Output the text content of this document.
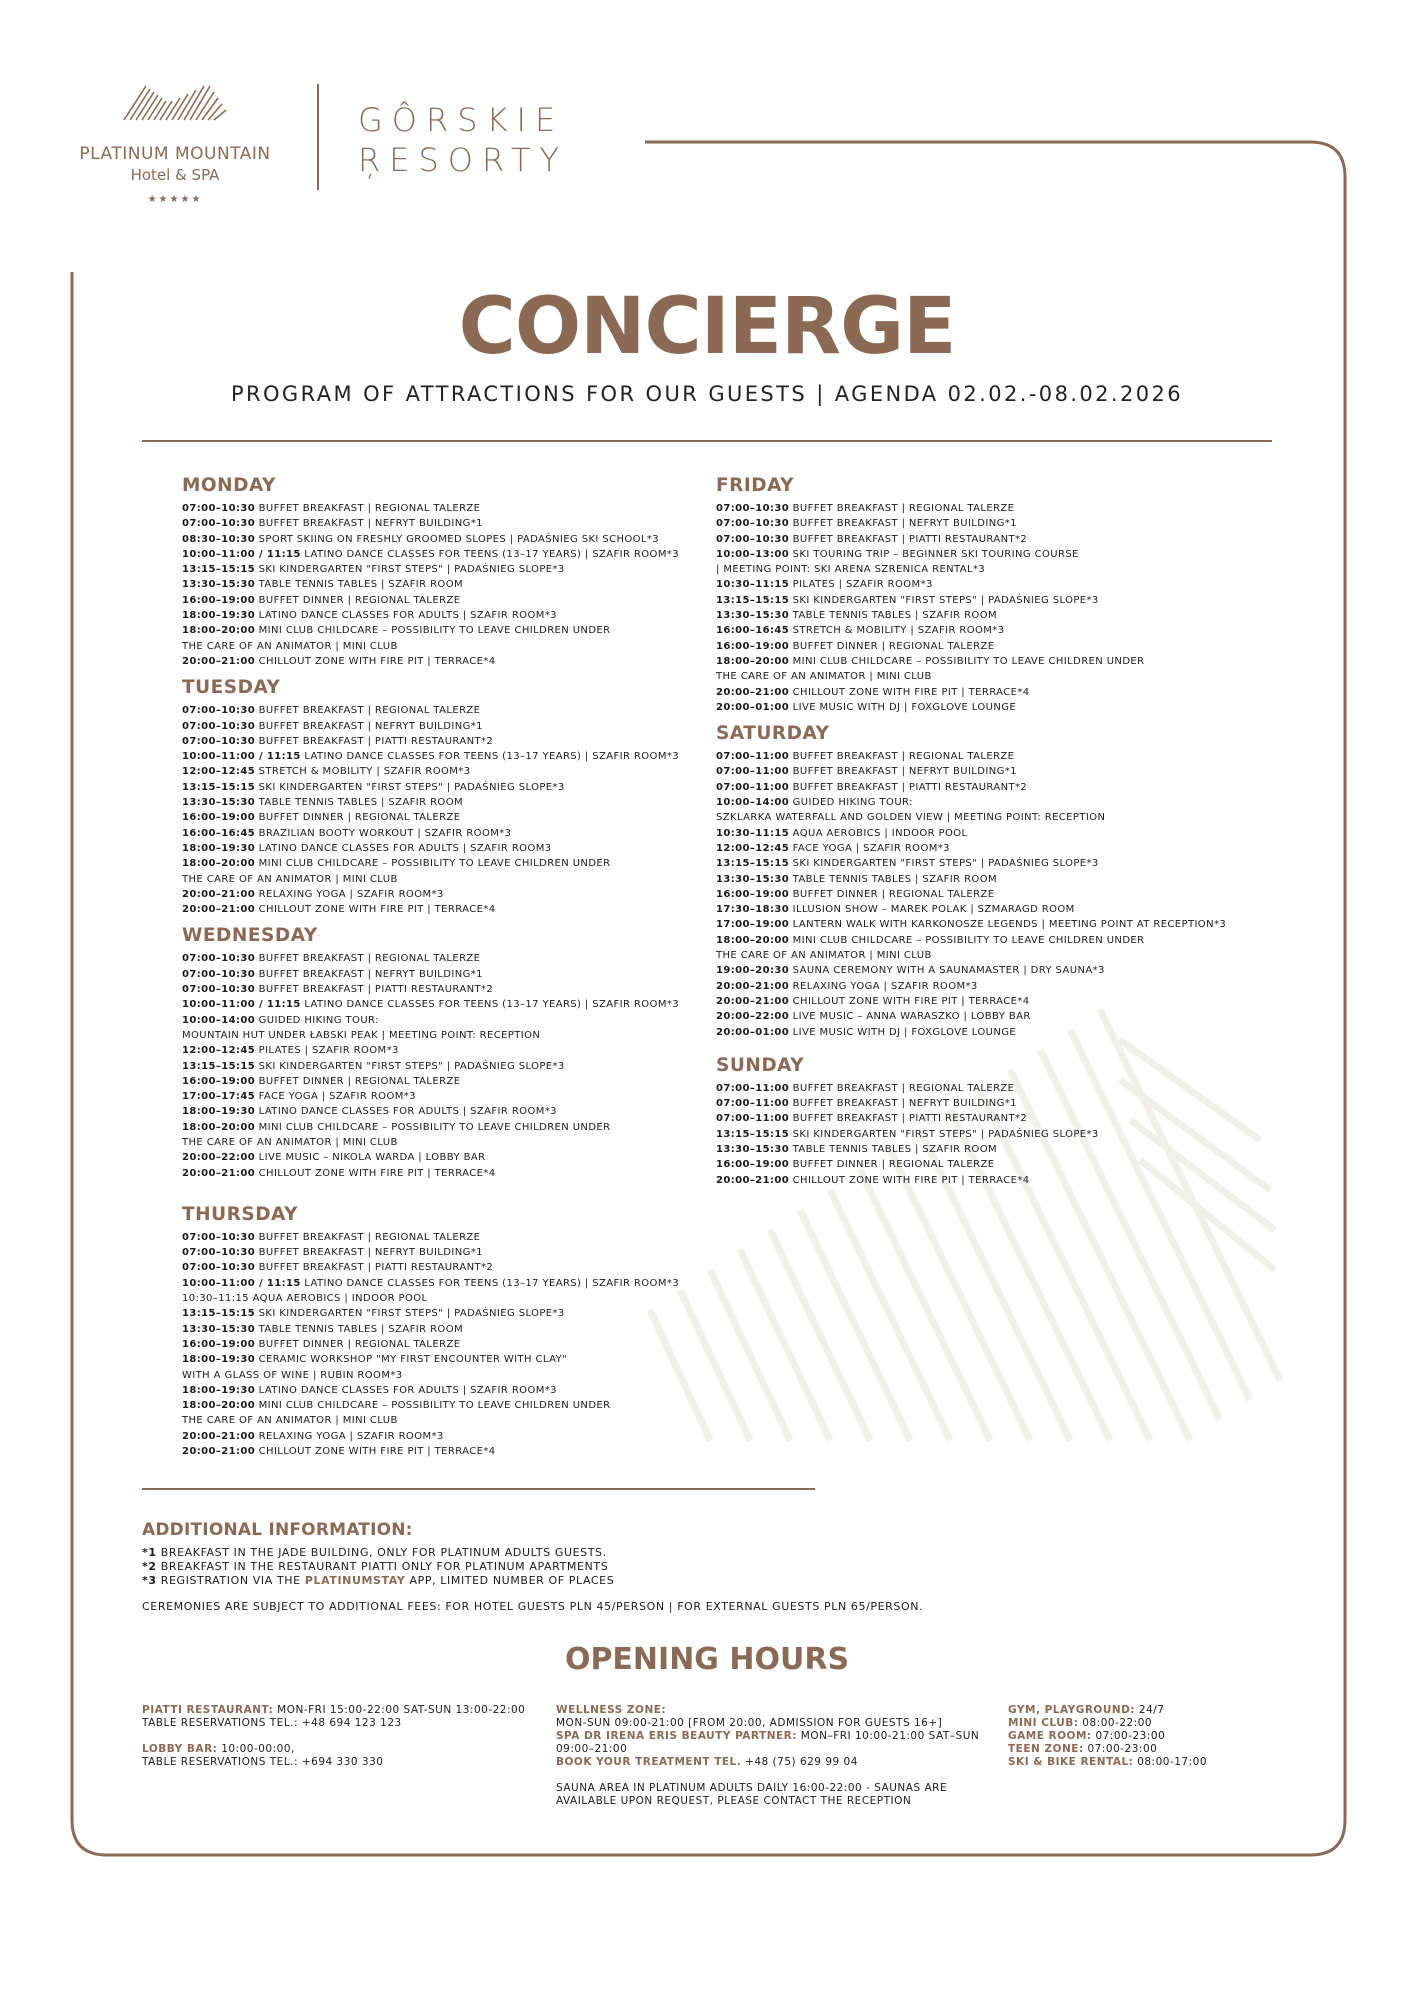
PLATINUM MOUNTAIN
Hotel & SPA
★★★★★
GÔRSKIE
ŖESORTY
CONCIERGE
PROGRAM OF ATTRACTIONS FOR OUR GUESTS | AGENDA 02.02.-08.02.2026
MONDAY
07:00–10:30 BUFFET BREAKFAST | REGIONAL TALERZE
07:00–10:30 BUFFET BREAKFAST | NEFRYT BUILDING*1
08:30–10:30 SPORT SKIING ON FRESHLY GROOMED SLOPES | PADAŚNIEG SKI SCHOOL*3
10:00–11:00 / 11:15 LATINO DANCE CLASSES FOR TEENS (13–17 YEARS) | SZAFIR ROOM*3
13:15–15:15 SKI KINDERGARTEN "FIRST STEPS" | PADAŚNIEG SLOPE*3
13:30–15:30 TABLE TENNIS TABLES | SZAFIR ROOM
16:00–19:00 BUFFET DINNER | REGIONAL TALERZE
18:00–19:30 LATINO DANCE CLASSES FOR ADULTS | SZAFIR ROOM*3
18:00–20:00 MINI CLUB CHILDCARE – POSSIBILITY TO LEAVE CHILDREN UNDER
THE CARE OF AN ANIMATOR | MINI CLUB
20:00–21:00 CHILLOUT ZONE WITH FIRE PIT | TERRACE*4
TUESDAY
07:00–10:30 BUFFET BREAKFAST | REGIONAL TALERZE
07:00–10:30 BUFFET BREAKFAST | NEFRYT BUILDING*1
07:00–10:30 BUFFET BREAKFAST | PIATTI RESTAURANT*2
10:00–11:00 / 11:15 LATINO DANCE CLASSES FOR TEENS (13–17 YEARS) | SZAFIR ROOM*3
12:00–12:45 STRETCH & MOBILITY | SZAFIR ROOM*3
13:15–15:15 SKI KINDERGARTEN "FIRST STEPS" | PADAŚNIEG SLOPE*3
13:30–15:30 TABLE TENNIS TABLES | SZAFIR ROOM
16:00–19:00 BUFFET DINNER | REGIONAL TALERZE
16:00–16:45 BRAZILIAN BOOTY WORKOUT | SZAFIR ROOM*3
18:00–19:30 LATINO DANCE CLASSES FOR ADULTS | SZAFIR ROOM3
18:00–20:00 MINI CLUB CHILDCARE – POSSIBILITY TO LEAVE CHILDREN UNDER
THE CARE OF AN ANIMATOR | MINI CLUB
20:00–21:00 RELAXING YOGA | SZAFIR ROOM*3
20:00–21:00 CHILLOUT ZONE WITH FIRE PIT | TERRACE*4
WEDNESDAY
07:00–10:30 BUFFET BREAKFAST | REGIONAL TALERZE
07:00–10:30 BUFFET BREAKFAST | NEFRYT BUILDING*1
07:00–10:30 BUFFET BREAKFAST | PIATTI RESTAURANT*2
10:00–11:00 / 11:15 LATINO DANCE CLASSES FOR TEENS (13–17 YEARS) | SZAFIR ROOM*3
10:00–14:00 GUIDED HIKING TOUR:
MOUNTAIN HUT UNDER ŁABSKI PEAK | MEETING POINT: RECEPTION
12:00–12:45 PILATES | SZAFIR ROOM*3
13:15–15:15 SKI KINDERGARTEN "FIRST STEPS" | PADAŚNIEG SLOPE*3
16:00–19:00 BUFFET DINNER | REGIONAL TALERZE
17:00–17:45 FACE YOGA | SZAFIR ROOM*3
18:00–19:30 LATINO DANCE CLASSES FOR ADULTS | SZAFIR ROOM*3
18:00–20:00 MINI CLUB CHILDCARE – POSSIBILITY TO LEAVE CHILDREN UNDER
THE CARE OF AN ANIMATOR | MINI CLUB
20:00–22:00 LIVE MUSIC – NIKOLA WARDA | LOBBY BAR
20:00–21:00 CHILLOUT ZONE WITH FIRE PIT | TERRACE*4
THURSDAY
07:00–10:30 BUFFET BREAKFAST | REGIONAL TALERZE
07:00–10:30 BUFFET BREAKFAST | NEFRYT BUILDING*1
07:00–10:30 BUFFET BREAKFAST | PIATTI RESTAURANT*2
10:00–11:00 / 11:15 LATINO DANCE CLASSES FOR TEENS (13–17 YEARS) | SZAFIR ROOM*3
10:30–11:15 AQUA AEROBICS | INDOOR POOL
13:15–15:15 SKI KINDERGARTEN "FIRST STEPS" | PADAŚNIEG SLOPE*3
13:30–15:30 TABLE TENNIS TABLES | SZAFIR ROOM
16:00–19:00 BUFFET DINNER | REGIONAL TALERZE
18:00–19:30 CERAMIC WORKSHOP "MY FIRST ENCOUNTER WITH CLAY"
WITH A GLASS OF WINE | RUBIN ROOM*3
18:00–19:30 LATINO DANCE CLASSES FOR ADULTS | SZAFIR ROOM*3
18:00–20:00 MINI CLUB CHILDCARE – POSSIBILITY TO LEAVE CHILDREN UNDER
THE CARE OF AN ANIMATOR | MINI CLUB
20:00–21:00 RELAXING YOGA | SZAFIR ROOM*3
20:00–21:00 CHILLOUT ZONE WITH FIRE PIT | TERRACE*4
FRIDAY
07:00–10:30 BUFFET BREAKFAST | REGIONAL TALERZE
07:00–10:30 BUFFET BREAKFAST | NEFRYT BUILDING*1
07:00–10:30 BUFFET BREAKFAST | PIATTI RESTAURANT*2
10:00–13:00 SKI TOURING TRIP – BEGINNER SKI TOURING COURSE
| MEETING POINT: SKI ARENA SZRENICA RENTAL*3
10:30–11:15 PILATES | SZAFIR ROOM*3
13:15–15:15 SKI KINDERGARTEN "FIRST STEPS" | PADAŚNIEG SLOPE*3
13:30–15:30 TABLE TENNIS TABLES | SZAFIR ROOM
16:00–16:45 STRETCH & MOBILITY | SZAFIR ROOM*3
16:00–19:00 BUFFET DINNER | REGIONAL TALERZE
18:00–20:00 MINI CLUB CHILDCARE – POSSIBILITY TO LEAVE CHILDREN UNDER
THE CARE OF AN ANIMATOR | MINI CLUB
20:00–21:00 CHILLOUT ZONE WITH FIRE PIT | TERRACE*4
20:00–01:00 LIVE MUSIC WITH DJ | FOXGLOVE LOUNGE
SATURDAY
07:00–11:00 BUFFET BREAKFAST | REGIONAL TALERZE
07:00–11:00 BUFFET BREAKFAST | NEFRYT BUILDING*1
07:00–11:00 BUFFET BREAKFAST | PIATTI RESTAURANT*2
10:00–14:00 GUIDED HIKING TOUR:
SZKLARKA WATERFALL AND GOLDEN VIEW | MEETING POINT: RECEPTION
10:30–11:15 AQUA AEROBICS | INDOOR POOL
12:00–12:45 FACE YOGA | SZAFIR ROOM*3
13:15–15:15 SKI KINDERGARTEN "FIRST STEPS" | PADAŚNIEG SLOPE*3
13:30–15:30 TABLE TENNIS TABLES | SZAFIR ROOM
16:00–19:00 BUFFET DINNER | REGIONAL TALERZE
17:30–18:30 ILLUSION SHOW – MAREK POLAK | SZMARAGD ROOM
17:00–19:00 LANTERN WALK WITH KARKONOSZE LEGENDS | MEETING POINT AT RECEPTION*3
18:00–20:00 MINI CLUB CHILDCARE – POSSIBILITY TO LEAVE CHILDREN UNDER
THE CARE OF AN ANIMATOR | MINI CLUB
19:00–20:30 SAUNA CEREMONY WITH A SAUNAMASTER | DRY SAUNA*3
20:00–21:00 RELAXING YOGA | SZAFIR ROOM*3
20:00–21:00 CHILLOUT ZONE WITH FIRE PIT | TERRACE*4
20:00–22:00 LIVE MUSIC – ANNA WARASZKO | LOBBY BAR
20:00–01:00 LIVE MUSIC WITH DJ | FOXGLOVE LOUNGE
SUNDAY
07:00–11:00 BUFFET BREAKFAST | REGIONAL TALERZE
07:00–11:00 BUFFET BREAKFAST | NEFRYT BUILDING*1
07:00–11:00 BUFFET BREAKFAST | PIATTI RESTAURANT*2
13:15–15:15 SKI KINDERGARTEN "FIRST STEPS" | PADAŚNIEG SLOPE*3
13:30–15:30 TABLE TENNIS TABLES | SZAFIR ROOM
16:00–19:00 BUFFET DINNER | REGIONAL TALERZE
20:00–21:00 CHILLOUT ZONE WITH FIRE PIT | TERRACE*4
ADDITIONAL INFORMATION:
*1 BREAKFAST IN THE JADE BUILDING, ONLY FOR PLATINUM ADULTS GUESTS.
*2 BREAKFAST IN THE RESTAURANT PIATTI ONLY FOR PLATINUM APARTMENTS
*3 REGISTRATION VIA THE PLATINUMSTAY APP, LIMITED NUMBER OF PLACES
CEREMONIES ARE SUBJECT TO ADDITIONAL FEES: FOR HOTEL GUESTS PLN 45/PERSON | FOR EXTERNAL GUESTS PLN 65/PERSON.
OPENING HOURS
PIATTI RESTAURANT: MON-FRI 15:00-22:00 SAT-SUN 13:00-22:00
TABLE RESERVATIONS TEL.: +48 694 123 123
LOBBY BAR: 10:00-00:00,
TABLE RESERVATIONS TEL.: +694 330 330
WELLNESS ZONE:
MON-SUN 09:00-21:00 [FROM 20:00, ADMISSION FOR GUESTS 16+]
SPA DR IRENA ERIS BEAUTY PARTNER: MON–FRI 10:00-21:00 SAT–SUN
09:00–21:00
BOOK YOUR TREATMENT TEL. +48 (75) 629 99 04
SAUNA AREA IN PLATINUM ADULTS DAILY 16:00-22:00 - SAUNAS ARE
AVAILABLE UPON REQUEST, PLEASE CONTACT THE RECEPTION
GYM, PLAYGROUND: 24/7
MINI CLUB: 08:00-22:00
GAME ROOM: 07:00-23:00
TEEN ZONE: 07:00-23:00
SKI & BIKE RENTAL: 08:00-17:00
